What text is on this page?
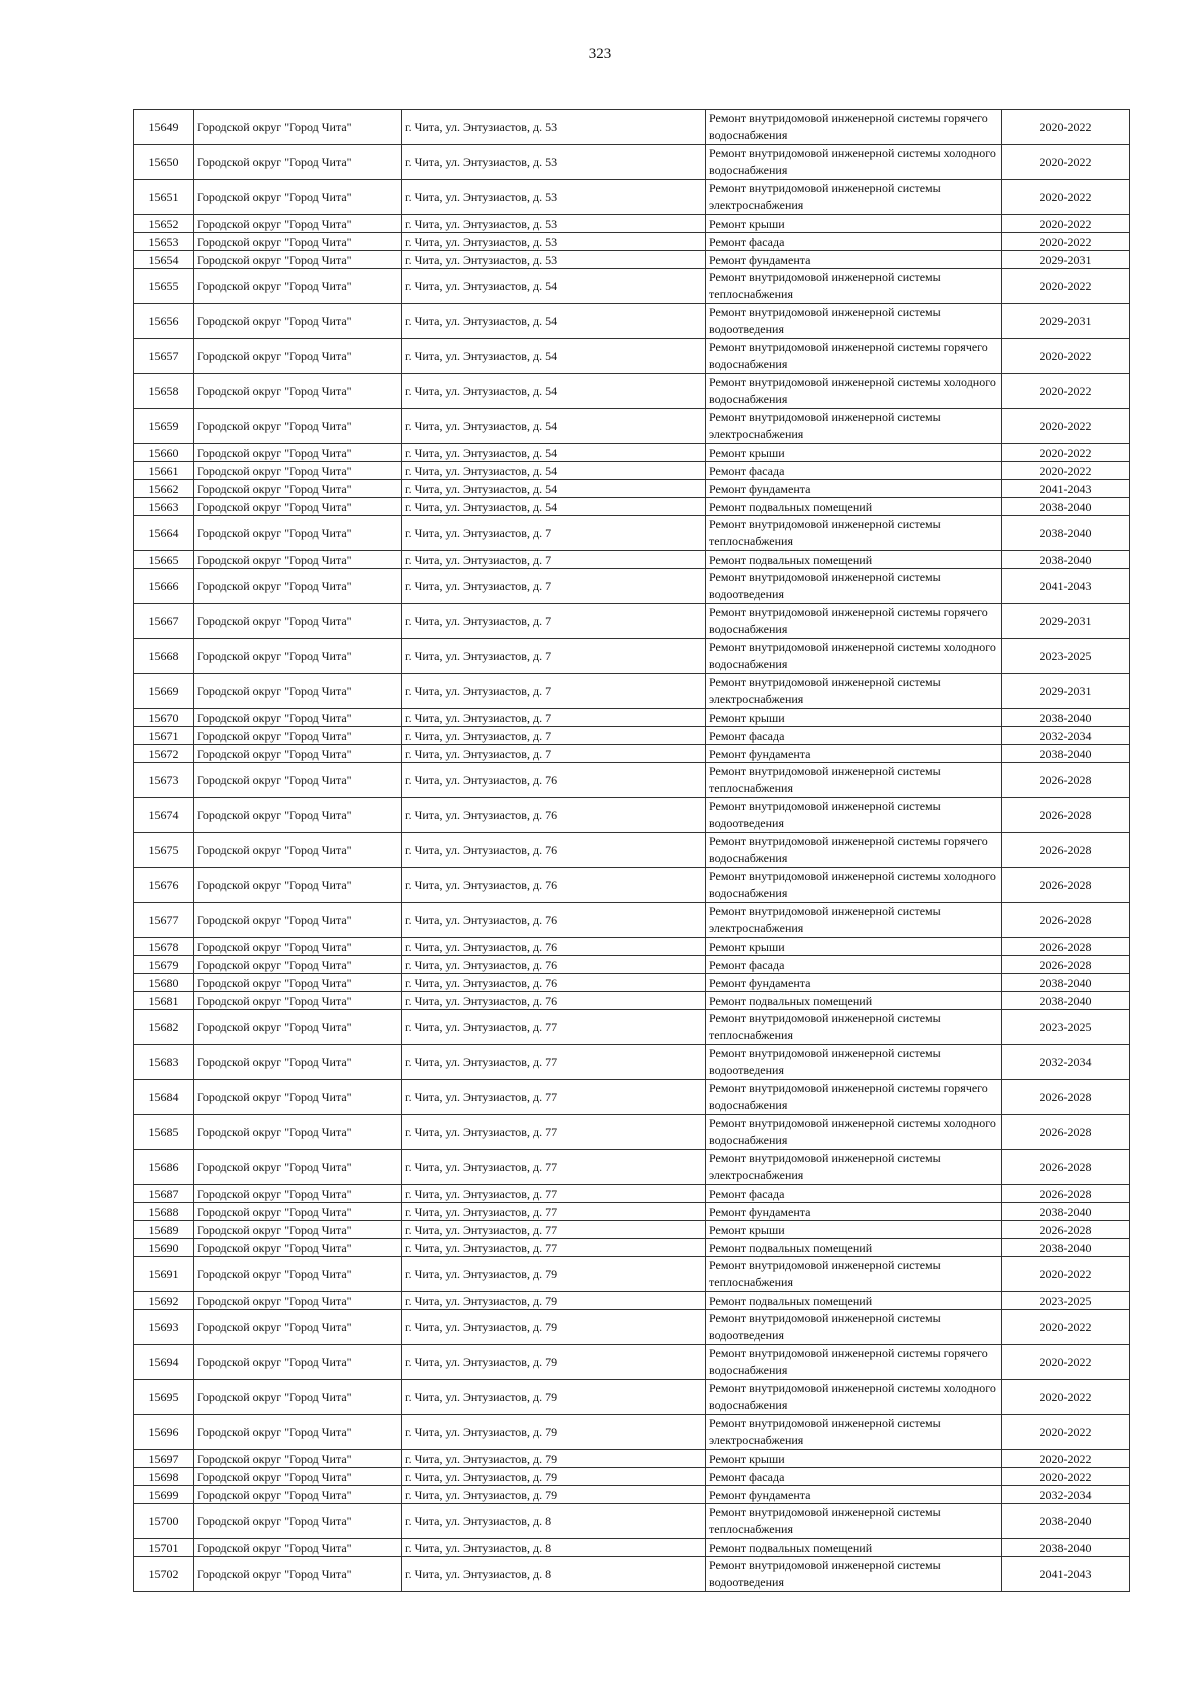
323
15649	Городской округ "Город Чита"	г. Чита, ул. Энтузиастов, д. 53	Ремонт внутридомовой инженерной системы горячего водоснабжения	2020-2022
15650	Городской округ "Город Чита"	г. Чита, ул. Энтузиастов, д. 53	Ремонт внутридомовой инженерной системы холодного водоснабжения	2020-2022
15651	Городской округ "Город Чита"	г. Чита, ул. Энтузиастов, д. 53	Ремонт внутридомовой инженерной системы электроснабжения	2020-2022
15652	Городской округ "Город Чита"	г. Чита, ул. Энтузиастов, д. 53	Ремонт крыши	2020-2022
15653	Городской округ "Город Чита"	г. Чита, ул. Энтузиастов, д. 53	Ремонт фасада	2020-2022
15654	Городской округ "Город Чита"	г. Чита, ул. Энтузиастов, д. 53	Ремонт фундамента	2029-2031
15655	Городской округ "Город Чита"	г. Чита, ул. Энтузиастов, д. 54	Ремонт внутридомовой инженерной системы теплоснабжения	2020-2022
15656	Городской округ "Город Чита"	г. Чита, ул. Энтузиастов, д. 54	Ремонт внутридомовой инженерной системы водоотведения	2029-2031
15657	Городской округ "Город Чита"	г. Чита, ул. Энтузиастов, д. 54	Ремонт внутридомовой инженерной системы горячего водоснабжения	2020-2022
15658	Городской округ "Город Чита"	г. Чита, ул. Энтузиастов, д. 54	Ремонт внутридомовой инженерной системы холодного водоснабжения	2020-2022
15659	Городской округ "Город Чита"	г. Чита, ул. Энтузиастов, д. 54	Ремонт внутридомовой инженерной системы электроснабжения	2020-2022
15660	Городской округ "Город Чита"	г. Чита, ул. Энтузиастов, д. 54	Ремонт крыши	2020-2022
15661	Городской округ "Город Чита"	г. Чита, ул. Энтузиастов, д. 54	Ремонт фасада	2020-2022
15662	Городской округ "Город Чита"	г. Чита, ул. Энтузиастов, д. 54	Ремонт фундамента	2041-2043
15663	Городской округ "Город Чита"	г. Чита, ул. Энтузиастов, д. 54	Ремонт подвальных помещений	2038-2040
15664	Городской округ "Город Чита"	г. Чита, ул. Энтузиастов, д. 7	Ремонт внутридомовой инженерной системы теплоснабжения	2038-2040
15665	Городской округ "Город Чита"	г. Чита, ул. Энтузиастов, д. 7	Ремонт подвальных помещений	2038-2040
15666	Городской округ "Город Чита"	г. Чита, ул. Энтузиастов, д. 7	Ремонт внутридомовой инженерной системы водоотведения	2041-2043
15667	Городской округ "Город Чита"	г. Чита, ул. Энтузиастов, д. 7	Ремонт внутридомовой инженерной системы горячего водоснабжения	2029-2031
15668	Городской округ "Город Чита"	г. Чита, ул. Энтузиастов, д. 7	Ремонт внутридомовой инженерной системы холодного водоснабжения	2023-2025
15669	Городской округ "Город Чита"	г. Чита, ул. Энтузиастов, д. 7	Ремонт внутридомовой инженерной системы электроснабжения	2029-2031
15670	Городской округ "Город Чита"	г. Чита, ул. Энтузиастов, д. 7	Ремонт крыши	2038-2040
15671	Городской округ "Город Чита"	г. Чита, ул. Энтузиастов, д. 7	Ремонт фасада	2032-2034
15672	Городской округ "Город Чита"	г. Чита, ул. Энтузиастов, д. 7	Ремонт фундамента	2038-2040
15673	Городской округ "Город Чита"	г. Чита, ул. Энтузиастов, д. 76	Ремонт внутридомовой инженерной системы теплоснабжения	2026-2028
15674	Городской округ "Город Чита"	г. Чита, ул. Энтузиастов, д. 76	Ремонт внутридомовой инженерной системы водоотведения	2026-2028
15675	Городской округ "Город Чита"	г. Чита, ул. Энтузиастов, д. 76	Ремонт внутридомовой инженерной системы горячего водоснабжения	2026-2028
15676	Городской округ "Город Чита"	г. Чита, ул. Энтузиастов, д. 76	Ремонт внутридомовой инженерной системы холодного водоснабжения	2026-2028
15677	Городской округ "Город Чита"	г. Чита, ул. Энтузиастов, д. 76	Ремонт внутридомовой инженерной системы электроснабжения	2026-2028
15678	Городской округ "Город Чита"	г. Чита, ул. Энтузиастов, д. 76	Ремонт крыши	2026-2028
15679	Городской округ "Город Чита"	г. Чита, ул. Энтузиастов, д. 76	Ремонт фасада	2026-2028
15680	Городской округ "Город Чита"	г. Чита, ул. Энтузиастов, д. 76	Ремонт фундамента	2038-2040
15681	Городской округ "Город Чита"	г. Чита, ул. Энтузиастов, д. 76	Ремонт подвальных помещений	2038-2040
15682	Городской округ "Город Чита"	г. Чита, ул. Энтузиастов, д. 77	Ремонт внутридомовой инженерной системы теплоснабжения	2023-2025
15683	Городской округ "Город Чита"	г. Чита, ул. Энтузиастов, д. 77	Ремонт внутридомовой инженерной системы водоотведения	2032-2034
15684	Городской округ "Город Чита"	г. Чита, ул. Энтузиастов, д. 77	Ремонт внутридомовой инженерной системы горячего водоснабжения	2026-2028
15685	Городской округ "Город Чита"	г. Чита, ул. Энтузиастов, д. 77	Ремонт внутридомовой инженерной системы холодного водоснабжения	2026-2028
15686	Городской округ "Город Чита"	г. Чита, ул. Энтузиастов, д. 77	Ремонт внутридомовой инженерной системы электроснабжения	2026-2028
15687	Городской округ "Город Чита"	г. Чита, ул. Энтузиастов, д. 77	Ремонт фасада	2026-2028
15688	Городской округ "Город Чита"	г. Чита, ул. Энтузиастов, д. 77	Ремонт фундамента	2038-2040
15689	Городской округ "Город Чита"	г. Чита, ул. Энтузиастов, д. 77	Ремонт крыши	2026-2028
15690	Городской округ "Город Чита"	г. Чита, ул. Энтузиастов, д. 77	Ремонт подвальных помещений	2038-2040
15691	Городской округ "Город Чита"	г. Чита, ул. Энтузиастов, д. 79	Ремонт внутридомовой инженерной системы теплоснабжения	2020-2022
15692	Городской округ "Город Чита"	г. Чита, ул. Энтузиастов, д. 79	Ремонт подвальных помещений	2023-2025
15693	Городской округ "Город Чита"	г. Чита, ул. Энтузиастов, д. 79	Ремонт внутридомовой инженерной системы водоотведения	2020-2022
15694	Городской округ "Город Чита"	г. Чита, ул. Энтузиастов, д. 79	Ремонт внутридомовой инженерной системы горячего водоснабжения	2020-2022
15695	Городской округ "Город Чита"	г. Чита, ул. Энтузиастов, д. 79	Ремонт внутридомовой инженерной системы холодного водоснабжения	2020-2022
15696	Городской округ "Город Чита"	г. Чита, ул. Энтузиастов, д. 79	Ремонт внутридомовой инженерной системы электроснабжения	2020-2022
15697	Городской округ "Город Чита"	г. Чита, ул. Энтузиастов, д. 79	Ремонт крыши	2020-2022
15698	Городской округ "Город Чита"	г. Чита, ул. Энтузиастов, д. 79	Ремонт фасада	2020-2022
15699	Городской округ "Город Чита"	г. Чита, ул. Энтузиастов, д. 79	Ремонт фундамента	2032-2034
15700	Городской округ "Город Чита"	г. Чита, ул. Энтузиастов, д. 8	Ремонт внутридомовой инженерной системы теплоснабжения	2038-2040
15701	Городской округ "Город Чита"	г. Чита, ул. Энтузиастов, д. 8	Ремонт подвальных помещений	2038-2040
15702	Городской округ "Город Чита"	г. Чита, ул. Энтузиастов, д. 8	Ремонт внутридомовой инженерной системы водоотведения	2041-2043
